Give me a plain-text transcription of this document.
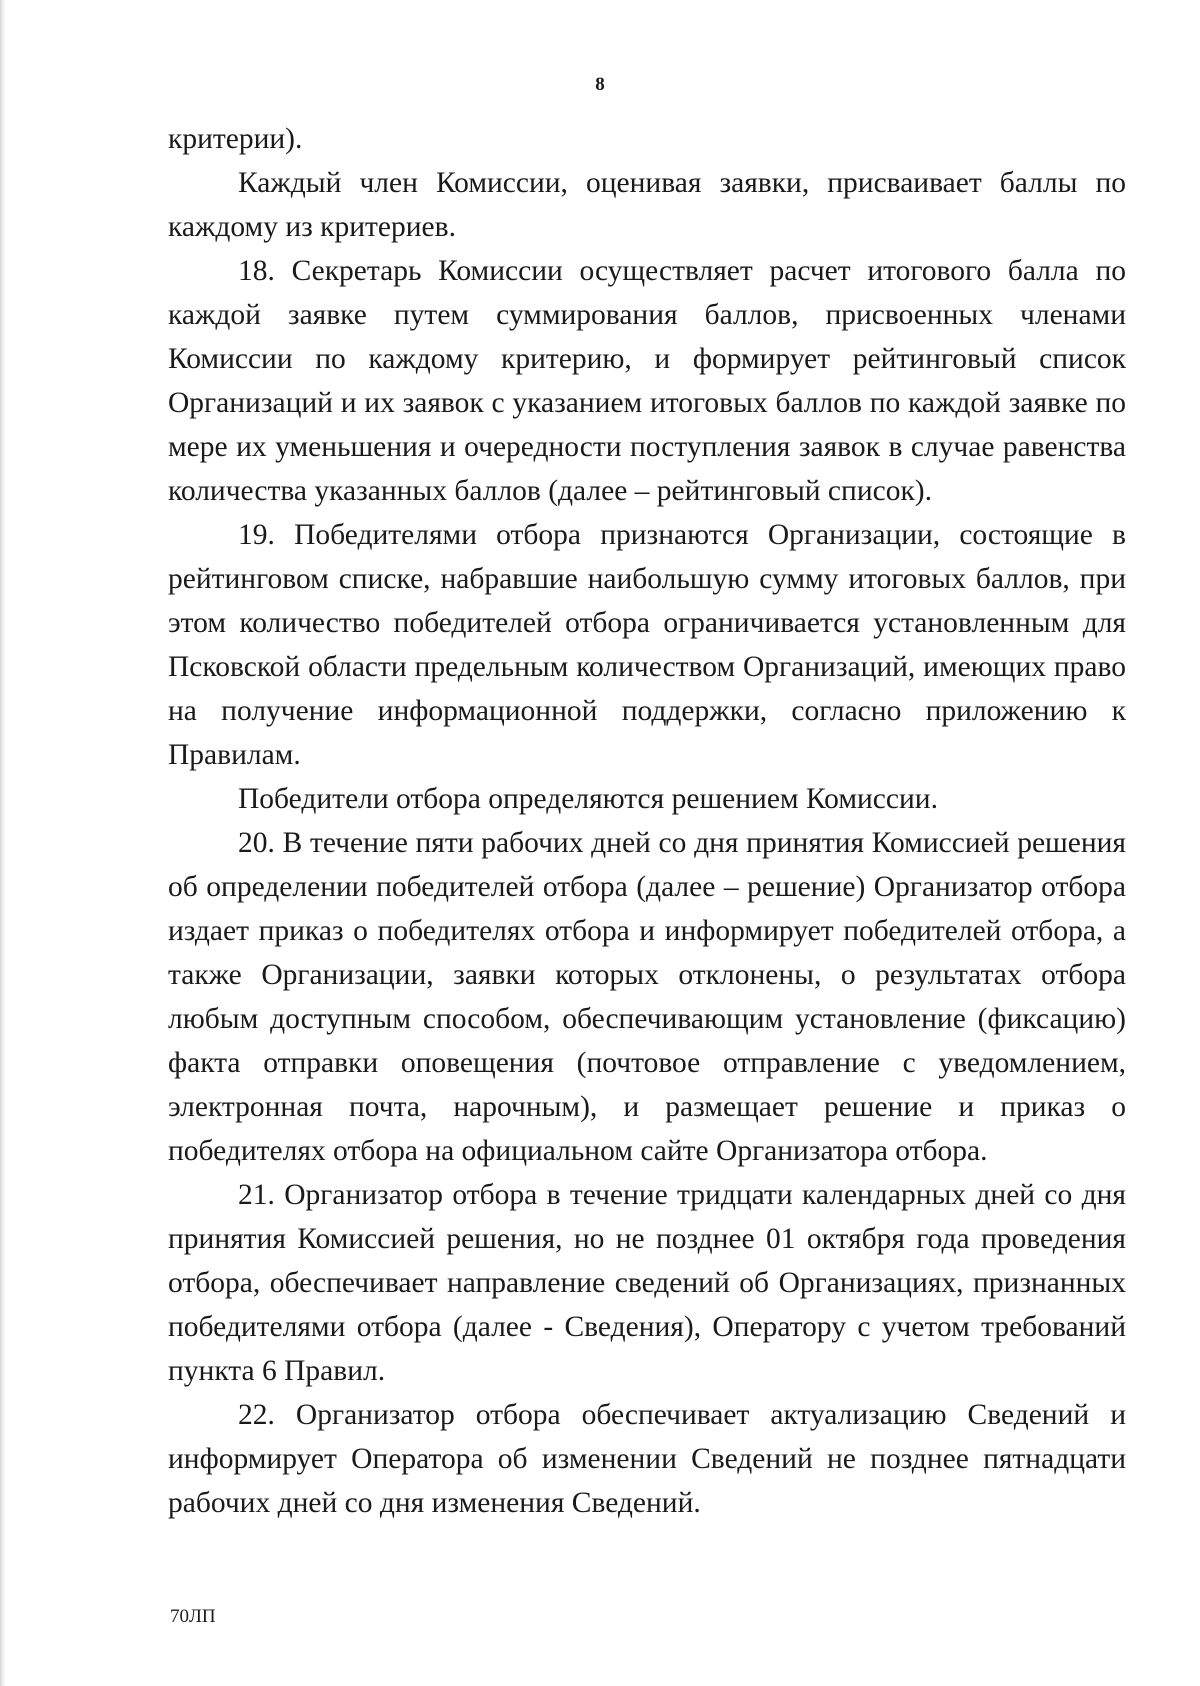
8

критерии).

Каждый член Комиссии, оценивая заявки, присваивает баллы по каждому из критериев.

18. Секретарь Комиссии осуществляет расчет итогового балла по каждой заявке путем суммирования баллов, присвоенных членами Комиссии по каждому критерию, и формирует рейтинговый список Организаций и их заявок с указанием итоговых баллов по каждой заявке по мере их уменьшения и очередности поступления заявок в случае равенства количества указанных баллов (далее – рейтинговый список).

19. Победителями отбора признаются Организации, состоящие в рейтинговом списке, набравшие наибольшую сумму итоговых баллов, при этом количество победителей отбора ограничивается установленным для Псковской области предельным количеством Организаций, имеющих право на получение информационной поддержки, согласно приложению к Правилам.

Победители отбора определяются решением Комиссии.

20. В течение пяти рабочих дней со дня принятия Комиссией решения об определении победителей отбора (далее – решение) Организатор отбора издает приказ о победителях отбора и информирует победителей отбора, а также Организации, заявки которых отклонены, о результатах отбора любым доступным способом, обеспечивающим установление (фиксацию) факта отправки оповещения (почтовое отправление с уведомлением, электронная почта, нарочным), и размещает решение и приказ о победителях отбора на официальном сайте Организатора отбора.

21. Организатор отбора в течение тридцати календарных дней со дня принятия Комиссией решения, но не позднее 01 октября года проведения отбора, обеспечивает направление сведений об Организациях, признанных победителями отбора (далее - Сведения), Оператору с учетом требований пункта 6 Правил.

22. Организатор отбора обеспечивает актуализацию Сведений и информирует Оператора об изменении Сведений не позднее пятнадцати рабочих дней со дня изменения Сведений.

70ЛП
